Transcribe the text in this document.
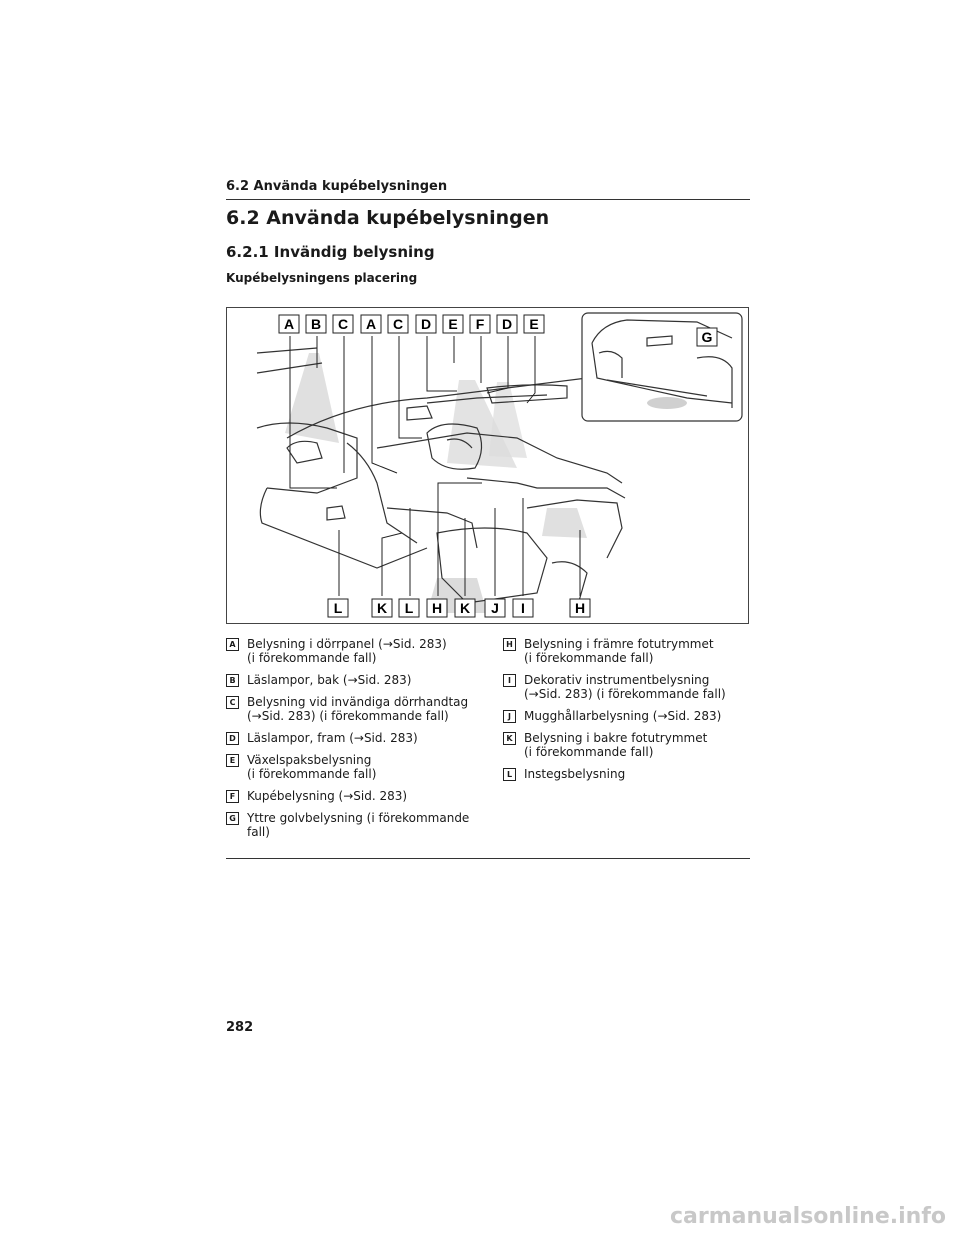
6.2 Använda kupébelysningen
6.2 Använda kupébelysningen
6.2.1 Invändig belysning
Kupébelysningens placering
A B C A C D E F D E
G
L K L H K J I	H
A Belysning i dörrpanel (→Sid. 283)
(i förekommande fall)
B Läslampor, bak (→Sid. 283)
C Belysning vid invändiga dörrhandtag
(→Sid. 283) (i förekommande fall)
D Läslampor, fram (→Sid. 283)
E Växelspaksbelysning
(i förekommande fall)
F Kupébelysning (→Sid. 283)
G Yttre golvbelysning (i förekommande
fall)
H Belysning i främre fotutrymmet
(i förekommande fall)
I	Dekorativ instrumentbelysning
(→Sid. 283) (i förekommande fall)
J	Mugghållarbelysning (→Sid. 283)
K Belysning i bakre fotutrymmet
(i förekommande fall)
L Instegsbelysning
282
carmanualsonline.info
